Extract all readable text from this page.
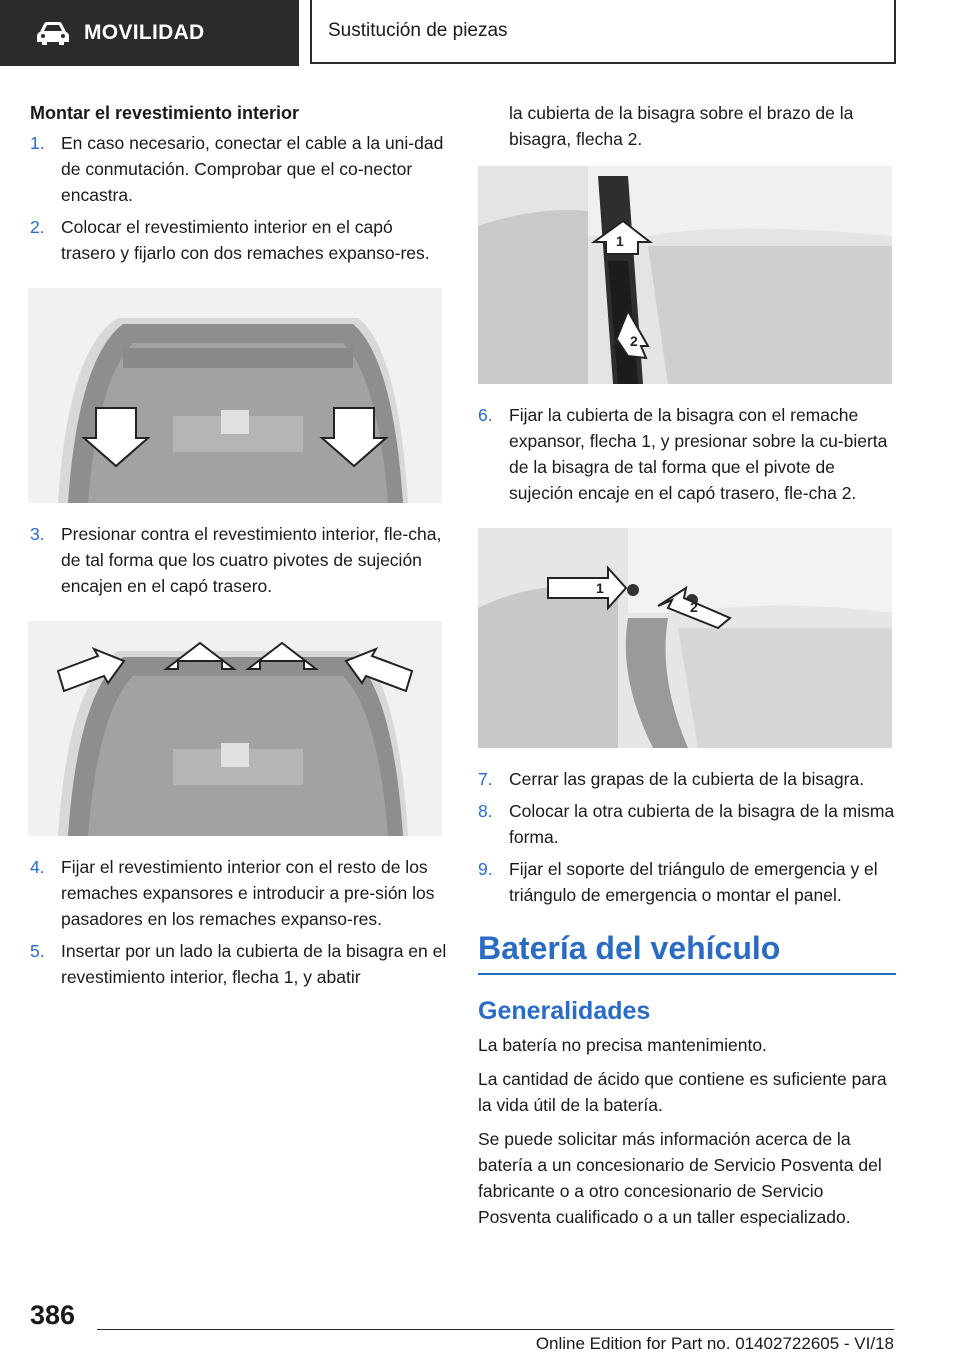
MOVILIDAD	Sustitución de piezas
Montar el revestimiento interior
1. En caso necesario, conectar el cable a la uni‐dad de conmutación. Comprobar que el co‐nector encastra.
2. Colocar el revestimiento interior en el capó trasero y fijarlo con dos remaches expanso‐res.
3. Presionar contra el revestimiento interior, fle‐cha, de tal forma que los cuatro pivotes de sujeción encajen en el capó trasero.
4. Fijar el revestimiento interior con el resto de los remaches expansores e introducir a pre‐sión los pasadores en los remaches expanso‐res.
5. Insertar por un lado la cubierta de la bisagra en el revestimiento interior, flecha 1, y abatir
la cubierta de la bisagra sobre el brazo de la bisagra, flecha 2.
1
2
6. Fijar la cubierta de la bisagra con el remache expansor, flecha 1, y presionar sobre la cu‐bierta de la bisagra de tal forma que el pivote de sujeción encaje en el capó trasero, fle‐cha 2.
1
2
7. Cerrar las grapas de la cubierta de la bisagra.
8. Colocar la otra cubierta de la bisagra de la misma forma.
9. Fijar el soporte del triángulo de emergencia y el triángulo de emergencia o montar el panel.
Batería del vehículo
Generalidades

La batería no precisa mantenimiento.

La cantidad de ácido que contiene es suficiente para la vida útil de la batería.

Se puede solicitar más información acerca de la batería a un concesionario de Servicio Posventa del fabricante o a otro concesionario de Servicio Posventa cualificado o a un taller especializado.

386
Online Edition for Part no. 01402722605 - VI/18
